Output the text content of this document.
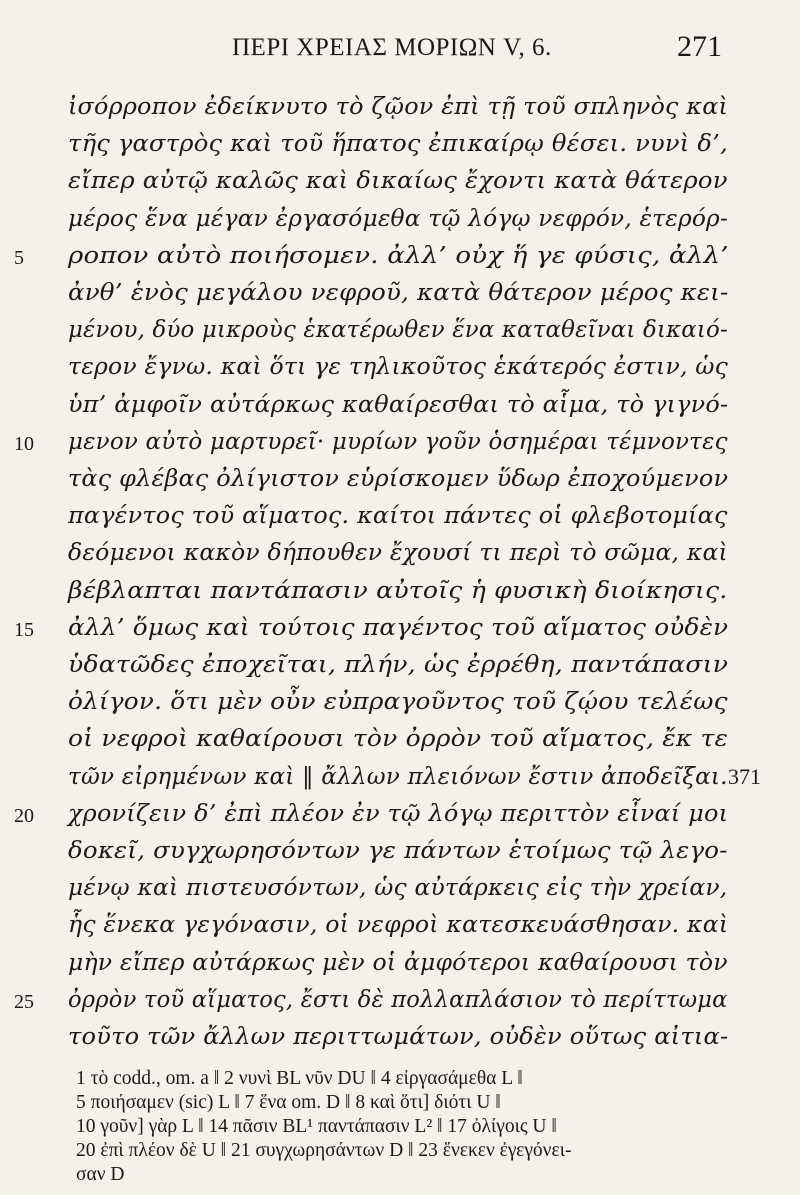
ΠΕΡΙ ΧΡΕΙΑΣ ΜΟΡΙΩΝ V, 6.	271
ἰσόρροπον ἐδείκνυτο τὸ ζῷον ἐπὶ τῇ τοῦ σπληνὸς καὶ
τῆς γαστρὸς καὶ τοῦ ἥπατος ἐπικαίρῳ θέσει. νυνὶ δ’,
εἴπερ αὐτῷ καλῶς καὶ δικαίως ἔχοντι κατὰ θάτερον
μέρος ἕνα μέγαν ἐργασόμεθα τῷ λόγῳ νεφρόν, ἑτερόρ-
5	ροπον αὐτὸ ποιήσομεν. ἀλλ’ οὐχ ἥ γε φύσις, ἀλλ’
ἀνθ’ ἑνὸς μεγάλου νεφροῦ, κατὰ θάτερον μέρος κει-
μένου, δύο μικροὺς ἑκατέρωθεν ἕνα καταθεῖναι δικαιό-
τερον ἔγνω. καὶ ὅτι γε τηλικοῦτος ἑκάτερός ἐστιν, ὡς
ὑπ’ ἀμφοῖν αὐτάρκως καθαίρεσθαι τὸ αἷμα, τὸ γιγνό-
10	μενον αὐτὸ μαρτυρεῖ· μυρίων γοῦν ὁσημέραι τέμνοντες
τὰς φλέβας ὀλίγιστον εὑρίσκομεν ὕδωρ ἐποχούμενον
παγέντος τοῦ αἵματος. καίτοι πάντες οἱ φλεβοτομίας
δεόμενοι κακὸν δήπουθεν ἔχουσί τι περὶ τὸ σῶμα, καὶ
βέβλαπται παντάπασιν αὐτοῖς ἡ φυσικὴ διοίκησις.
15	ἀλλ’ ὅμως καὶ τούτοις παγέντος τοῦ αἵματος οὐδὲν
ὑδατῶδες ἐποχεῖται, πλήν, ὡς ἐρρέθη, παντάπασιν
ὀλίγον. ὅτι μὲν οὖν εὐπραγοῦντος τοῦ ζῴου τελέως
οἱ νεφροὶ καθαίρουσι τὸν ὀρρὸν τοῦ αἵματος, ἔκ τε
τῶν εἰρημένων καὶ ‖ ἄλλων πλειόνων ἔστιν ἀποδεῖξαι. 371
20	χρονίζειν δ’ ἐπὶ πλέον ἐν τῷ λόγῳ περιττὸν εἶναί μοι
δοκεῖ, συγχωρησόντων γε πάντων ἑτοίμως τῷ λεγο-
μένῳ καὶ πιστευσόντων, ὡς αὐτάρκεις εἰς τὴν χρείαν,
ἧς ἕνεκα γεγόνασιν, οἱ νεφροὶ κατεσκευάσθησαν. καὶ
μὴν εἴπερ αὐτάρκως μὲν οἱ ἀμφότεροι καθαίρουσι τὸν
25	ὀρρὸν τοῦ αἵματος, ἔστι δὲ πολλαπλάσιον τὸ περίττωμα
τοῦτο τῶν ἄλλων περιττωμάτων, οὐδὲν οὕτως αἰτια-
1 τὸ codd., om. a ‖ 2 νυνὶ BL νῦν DU ‖ 4 εἰργασάμεθα L ‖
5 ποιήσαμεν (sic) L ‖ 7 ἕνα om. D ‖ 8 καὶ ὅτι] διότι U ‖
10 γοῦν] γὰρ L ‖ 14 πᾶσιν BL¹ παντάπασιν L² ‖ 17 ὀλίγοις U ‖
20 ἐπὶ πλέον δὲ U ‖ 21 συγχωρησάντων D ‖ 23 ἕνεκεν ἐγεγόνει-
σαν D
